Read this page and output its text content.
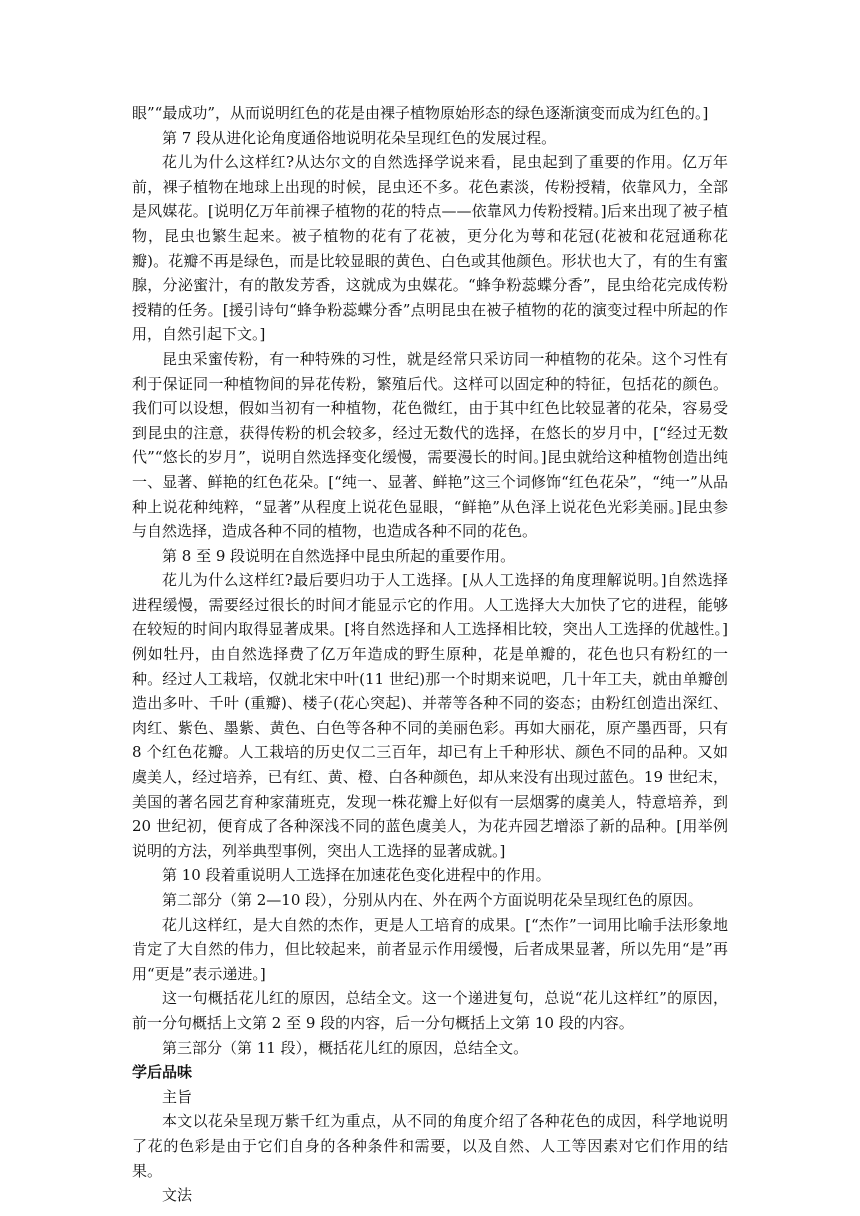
眼”“最成功”，从而说明红色的花是由裸子植物原始形态的绿色逐渐演变而成为红色的。]

第 7 段从进化论角度通俗地说明花朵呈现红色的发展过程。

花儿为什么这样红?从达尔文的自然选择学说来看，昆虫起到了重要的作用。亿万年前，裸子植物在地球上出现的时候，昆虫还不多。花色素淡，传粉授精，依靠风力，全部是风媒花。[说明亿万年前裸子植物的花的特点——依靠风力传粉授精。]后来出现了被子植物，昆虫也繁生起来。被子植物的花有了花被，更分化为萼和花冠(花被和花冠通称花瓣)。花瓣不再是绿色，而是比较显眼的黄色、白色或其他颜色。形状也大了，有的生有蜜腺，分泌蜜汁，有的散发芳香，这就成为虫媒花。“蜂争粉蕊蝶分香”，昆虫给花完成传粉授精的任务。[援引诗句“蜂争粉蕊蝶分香”点明昆虫在被子植物的花的演变过程中所起的作用，自然引起下文。]

昆虫采蜜传粉，有一种特殊的习性，就是经常只采访同一种植物的花朵。这个习性有利于保证同一种植物间的异花传粉，繁殖后代。这样可以固定种的特征，包括花的颜色。我们可以设想，假如当初有一种植物，花色微红，由于其中红色比较显著的花朵，容易受到昆虫的注意，获得传粉的机会较多，经过无数代的选择，在悠长的岁月中，[“经过无数代”“悠长的岁月”，说明自然选择变化缓慢，需要漫长的时间。]昆虫就给这种植物创造出纯一、显著、鲜艳的红色花朵。[“纯一、显著、鲜艳”这三个词修饰“红色花朵”，“纯一”从品种上说花种纯粹，“显著”从程度上说花色显眼，“鲜艳”从色泽上说花色光彩美丽。]昆虫参与自然选择，造成各种不同的植物，也造成各种不同的花色。

第 8 至 9 段说明在自然选择中昆虫所起的重要作用。

花儿为什么这样红?最后要归功于人工选择。[从人工选择的角度理解说明。]自然选择进程缓慢，需要经过很长的时间才能显示它的作用。人工选择大大加快了它的进程，能够在较短的时间内取得显著成果。[将自然选择和人工选择相比较，突出人工选择的优越性。]例如牡丹，由自然选择费了亿万年造成的野生原种，花是单瓣的，花色也只有粉红的一种。经过人工栽培，仅就北宋中叶(11 世纪)那一个时期来说吧，几十年工夫，就由单瓣创造出多叶、千叶 (重瓣)、楼子(花心突起)、并蒂等各种不同的姿态；由粉红创造出深红、肉红、紫色、墨紫、黄色、白色等各种不同的美丽色彩。再如大丽花，原产墨西哥，只有 8 个红色花瓣。人工栽培的历史仅二三百年，却已有上千种形状、颜色不同的品种。又如虞美人，经过培养，已有红、黄、橙、白各种颜色，却从来没有出现过蓝色。19 世纪末，美国的著名园艺育种家蒲班克，发现一株花瓣上好似有一层烟雾的虞美人，特意培养，到 20 世纪初，便育成了各种深浅不同的蓝色虞美人，为花卉园艺增添了新的品种。[用举例说明的方法，列举典型事例，突出人工选择的显著成就。]

第 10 段着重说明人工选择在加速花色变化进程中的作用。

第二部分（第 2—10 段），分别从内在、外在两个方面说明花朵呈现红色的原因。

花儿这样红，是大自然的杰作，更是人工培育的成果。[“杰作”一词用比喻手法形象地肯定了大自然的伟力，但比较起来，前者显示作用缓慢，后者成果显著，所以先用“是”再用“更是”表示递进。]

这一句概括花儿红的原因，总结全文。这一个递进复句，总说“花儿这样红”的原因，前一分句概括上文第 2 至 9 段的内容，后一分句概括上文第 10 段的内容。

第三部分（第 11 段），概括花儿红的原因，总结全文。

学后品味

主旨

本文以花朵呈现万紫千红为重点，从不同的角度介绍了各种花色的成因，科学地说明了花的色彩是由于它们自身的各种条件和需要，以及自然、人工等因素对它们作用的结果。

文法
